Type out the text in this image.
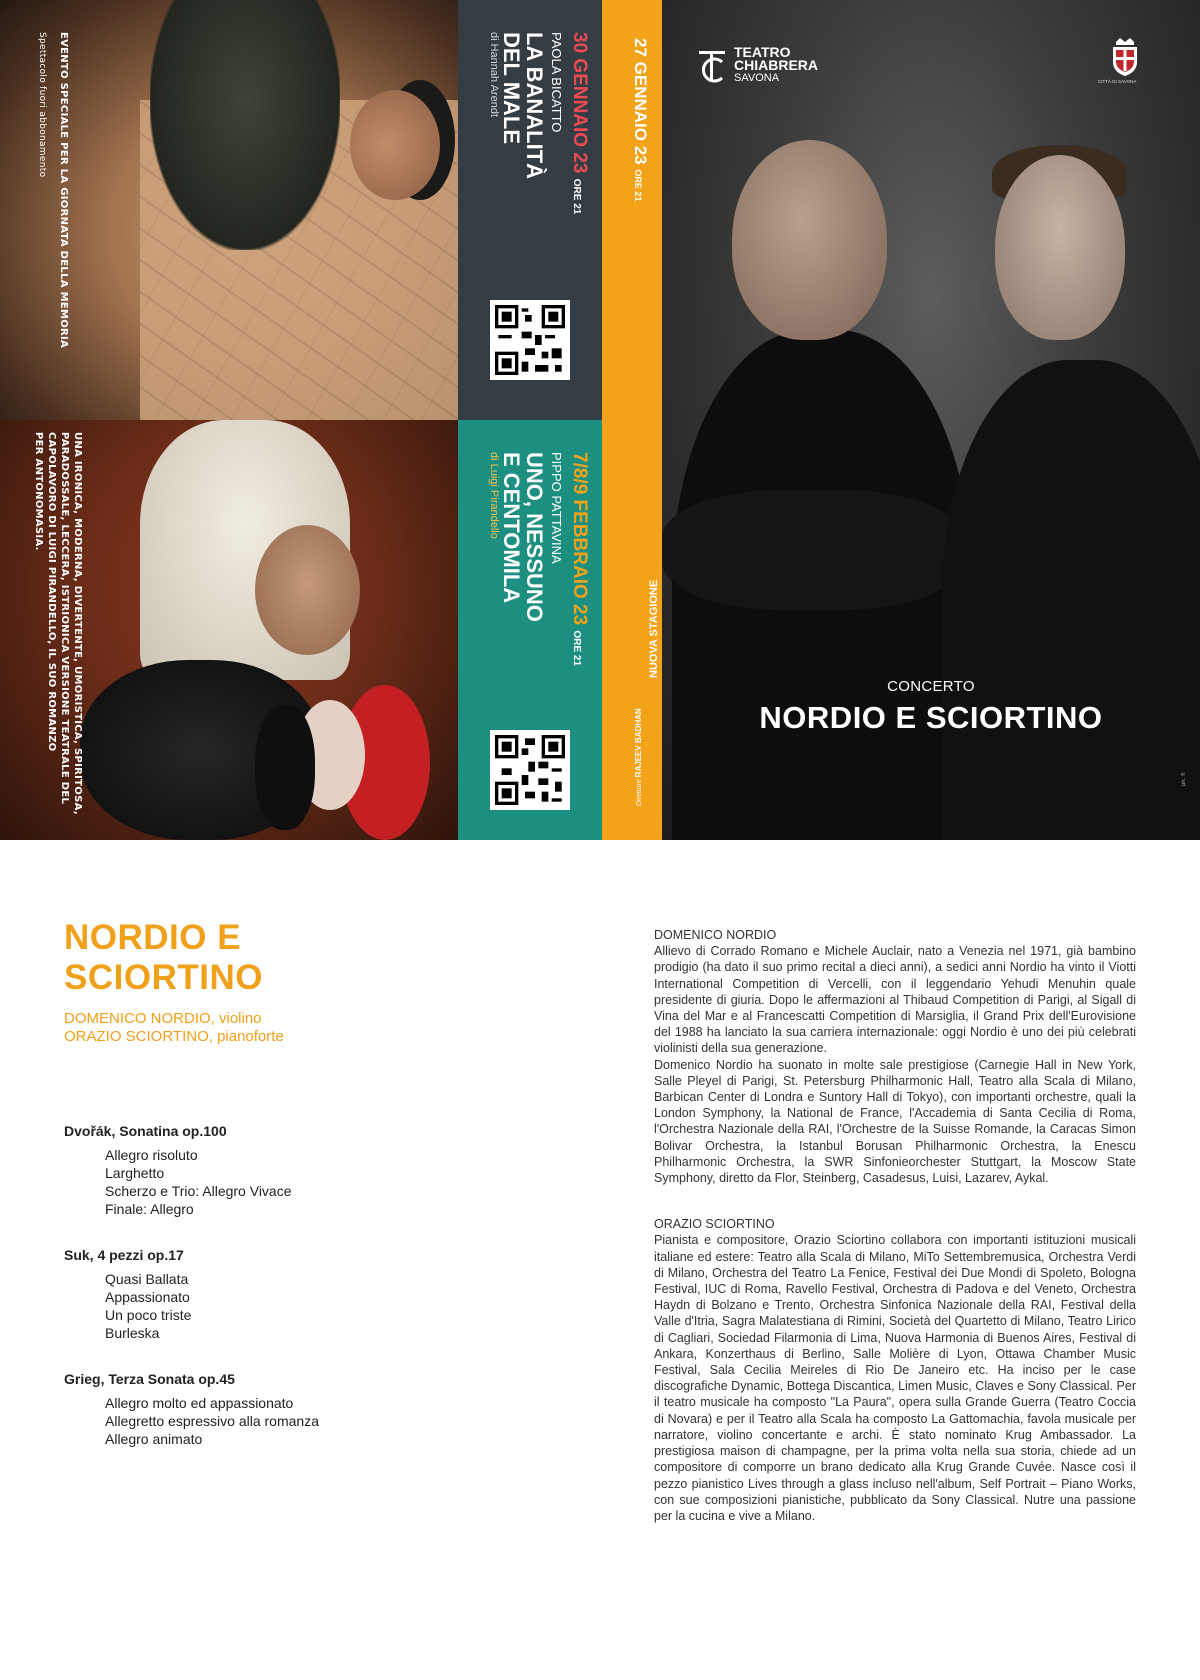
EVENTO SPECIALE PER LA GIORNATA DELLA MEMORIA
Spettacolo fuori abbonamento
UNA IRONICA, MODERNA, DIVERTENTE, UMORISTICA, SPIRITOSA,
PARADOSSALE, LECCERA, ISTRIONICA VERSIONE TEATRALE DEL
CAPOLAVORO DI LUIGI PIRANDELLO, IL SUO ROMANZO
PER ANTONOMASIA.
30 GENNAIO 23 ORE 21
PAOLA BICATTO
LA BANALITÀ
DEL MALE
di Hannah Arendt
7/8/9 FEBBRAIO 23 ORE 21
PIPPO PATTAVINA
UNO, NESSUNO
E CENTOMILA
di Luigi Pirandello
27 GENNAIO 23 ORE 21
NUOVA STAGIONE
Direttore RAJEEV BADHAN
TEATRO
CHIABRERA
SAVONA	CITTÀ DI SAVONA
CONCERTO
NORDIO E SCIORTINO
ph. ©
NORDIO E
SCIORTINO
DOMENICO NORDIO, violino
ORAZIO SCIORTINO, pianoforte
Dvořák, Sonatina op.100
Allegro risoluto
Larghetto
Scherzo e Trio: Allegro Vivace
Finale: Allegro
Suk, 4 pezzi op.17
Quasi Ballata
Appassionato
Un poco triste
Burleska
Grieg, Terza Sonata op.45
Allegro molto ed appassionato
Allegretto espressivo alla romanza
Allegro animato
DOMENICO NORDIO
Allievo di Corrado Romano e Michele Auclair, nato a Venezia nel 1971, già bambino prodigio (ha dato il suo primo recital a dieci anni), a sedici anni Nordio ha vinto il Viotti International Competition di Vercelli, con il leggendario Yehudi Menuhin quale presidente di giuria. Dopo le affermazioni al Thibaud Competition di Parigi, al Sigall di Vina del Mar e al Francescatti Competition di Marsiglia, il Grand Prix dell'Eurovisione del 1988 ha lanciato la sua carriera internazionale: oggi Nordio è uno dei più celebrati violinisti della sua generazione.
Domenico Nordio ha suonato in molte sale prestigiose (Carnegie Hall in New York, Salle Pleyel di Parigi, St. Petersburg Philharmonic Hall, Teatro alla Scala di Milano, Barbican Center di Londra e Suntory Hall di Tokyo), con importanti orchestre, quali la London Symphony, la National de France, l'Accademia di Santa Cecilia di Roma, l'Orchestra Nazionale della RAI, l'Orchestre de la Suisse Romande, la Caracas Simon Bolivar Orchestra, la Istanbul Borusan Philharmonic Orchestra, la Enescu Philharmonic Orchestra, la SWR Sinfonieorchester Stuttgart, la Moscow State Symphony, diretto da Flor, Steinberg, Casadesus, Luisi, Lazarev, Aykal.
ORAZIO SCIORTINO
Pianista e compositore, Orazio Sciortino collabora con importanti istituzioni musicali italiane ed estere: Teatro alla Scala di Milano, MiTo Settembremusica, Orchestra Verdi di Milano, Orchestra del Teatro La Fenice, Festival dei Due Mondi di Spoleto, Bologna Festival, IUC di Roma, Ravello Festival, Orchestra di Padova e del Veneto, Orchestra Haydn di Bolzano e Trento, Orchestra Sinfonica Nazionale della RAI, Festival della Valle d'Itria, Sagra Malatestiana di Rimini, Società del Quartetto di Milano, Teatro Lirico di Cagliari, Sociedad Filarmonia di Lima, Nuova Harmonia di Buenos Aires, Festival di Ankara, Konzerthaus di Berlino, Salle Molière di Lyon, Ottawa Chamber Music Festival, Sala Cecilia Meireles di Rio De Janeiro etc. Ha inciso per le case discografiche Dynamic, Bottega Discantica, Limen Music, Claves e Sony Classical. Per il teatro musicale ha composto "La Paura", opera sulla Grande Guerra (Teatro Coccia di Novara) e per il Teatro alla Scala ha composto La Gattomachia, favola musicale per narratore, violino concertante e archi. È stato nominato Krug Ambassador. La prestigiosa maison di champagne, per la prima volta nella sua storia, chiede ad un compositore di comporre un brano dedicato alla Krug Grande Cuvée. Nasce così il pezzo pianistico Lives through a glass incluso nell'album, Self Portrait – Piano Works, con sue composizioni pianistiche, pubblicato da Sony Classical. Nutre una passione per la cucina e vive a Milano.
